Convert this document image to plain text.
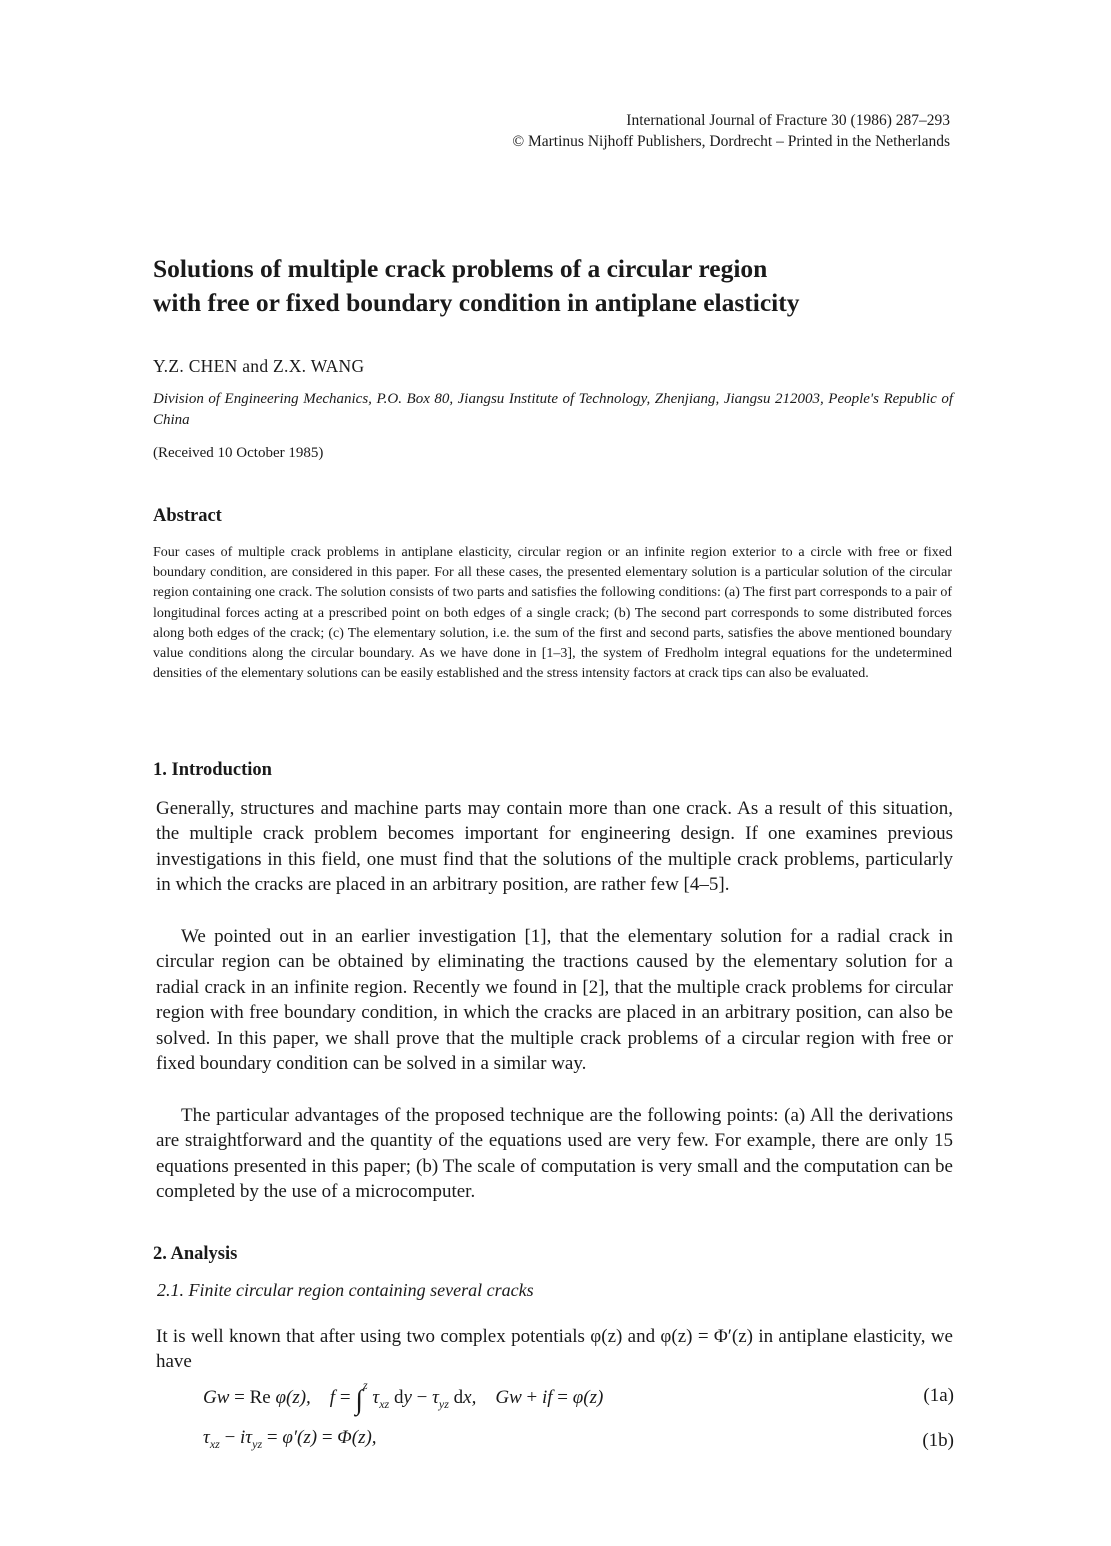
International Journal of Fracture 30 (1986) 287–293
© Martinus Nijhoff Publishers, Dordrecht – Printed in the Netherlands
Solutions of multiple crack problems of a circular region
with free or fixed boundary condition in antiplane elasticity
Y.Z. CHEN and Z.X. WANG
Division of Engineering Mechanics, P.O. Box 80, Jiangsu Institute of Technology, Zhenjiang, Jiangsu 212003, People's Republic of China
(Received 10 October 1985)
Abstract

Four cases of multiple crack problems in antiplane elasticity, circular region or an infinite region exterior to a circle with free or fixed boundary condition, are considered in this paper. For all these cases, the presented elementary solution is a particular solution of the circular region containing one crack. The solution consists of two parts and satisfies the following conditions: (a) The first part corresponds to a pair of longitudinal forces acting at a prescribed point on both edges of a single crack; (b) The second part corresponds to some distributed forces along both edges of the crack; (c) The elementary solution, i.e. the sum of the first and second parts, satisfies the above mentioned boundary value conditions along the circular boundary. As we have done in [1–3], the system of Fredholm integral equations for the undetermined densities of the elementary solutions can be easily established and the stress intensity factors at crack tips can also be evaluated.

1. Introduction

Generally, structures and machine parts may contain more than one crack. As a result of this situation, the multiple crack problem becomes important for engineering design. If one examines previous investigations in this field, one must find that the solutions of the multiple crack problems, particularly in which the cracks are placed in an arbitrary position, are rather few [4–5].

We pointed out in an earlier investigation [1], that the elementary solution for a radial crack in circular region can be obtained by eliminating the tractions caused by the elementary solution for a radial crack in an infinite region. Recently we found in [2], that the multiple crack problems for circular region with free boundary condition, in which the cracks are placed in an arbitrary position, can also be solved. In this paper, we shall prove that the multiple crack problems of a circular region with free or fixed boundary condition can be solved in a similar way.

The particular advantages of the proposed technique are the following points: (a) All the derivations are straightforward and the quantity of the equations used are very few. For example, there are only 15 equations presented in this paper; (b) The scale of computation is very small and the computation can be completed by the use of a microcomputer.

2. Analysis

2.1. Finite circular region containing several cracks

It is well known that after using two complex potentials φ(z) and φ(z) = Φ′(z) in antiplane elasticity, we have

Gw = Re φ(z),    f = ∫$^z$ $\tau_{xz}$ dy − $\tau_{yz}$ dx,    Gw + if = φ(z)	(1a)
$\tau_{xz} - i\tau_{yz} = \varphi'(z) = \Phi(z)$,	(1b)
